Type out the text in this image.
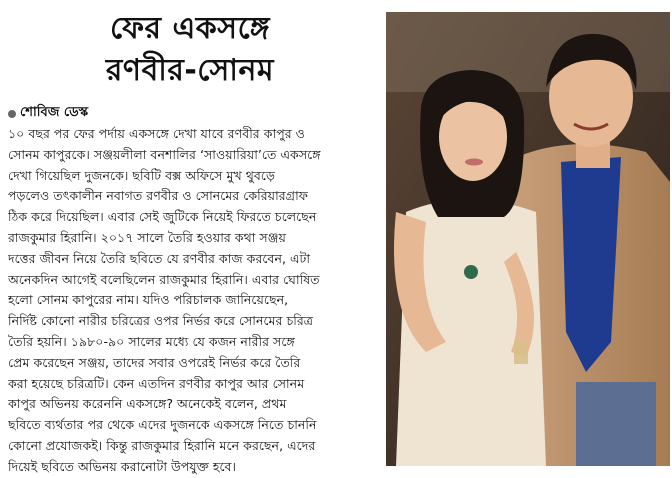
ফের একসঙ্গে
রণবীর-সোনম
শোবিজ ডেস্ক
১০ বছর পর ফের পর্দায় একসঙ্গে দেখা যাবে রণবীর কাপুর ও
সোনম কাপুরকে। সঞ্জয়লীলা বনশালির ‘সাওয়ারিয়া’তে একসঙ্গে
দেখা গিয়েছিল দুজনকে। ছবিটি বক্স অফিসে মুখ থুবড়ে
পড়লেও তৎকালীন নবাগত রণবীর ও সোনমের কেরিয়ারগ্রাফ
ঠিক করে দিয়েছিল। এবার সেই জুটিকে নিয়েই ফিরতে চলেছেন
রাজকুমার হিরানি। ২০১৭ সালে তৈরি হওয়ার কথা সঞ্জয়
দত্তের জীবন নিয়ে তৈরি ছবিতে যে রণবীর কাজ করবেন, এটা
অনেকদিন আগেই বলেছিলেন রাজকুমার হিরানি। এবার ঘোষিত
হলো সোনম কাপুরের নাম। যদিও পরিচালক জানিয়েছেন,
নির্দিষ্ট কোনো নারীর চরিত্রের ওপর নির্ভর করে সোনমের চরিত্র
তৈরি হয়নি। ১৯৮০-৯০ সালের মধ্যে যে কজন নারীর সঙ্গে
প্রেম করেছেন সঞ্জয়, তাদের সবার ওপরেই নির্ভর করে তৈরি
করা হয়েছে চরিত্রটি। কেন এতদিন রণবীর কাপুর আর সোনম
কাপুর অভিনয় করেননি একসঙ্গে? অনেকেই বলেন, প্রথম
ছবিতে ব্যর্থতার পর থেকে এদের দুজনকে একসঙ্গে নিতে চাননি
কোনো প্রযোজকই। কিন্তু রাজকুমার হিরানি মনে করছেন, এদের
দিয়েই ছবিতে অভিনয় করানোটা উপযুক্ত হবে।
